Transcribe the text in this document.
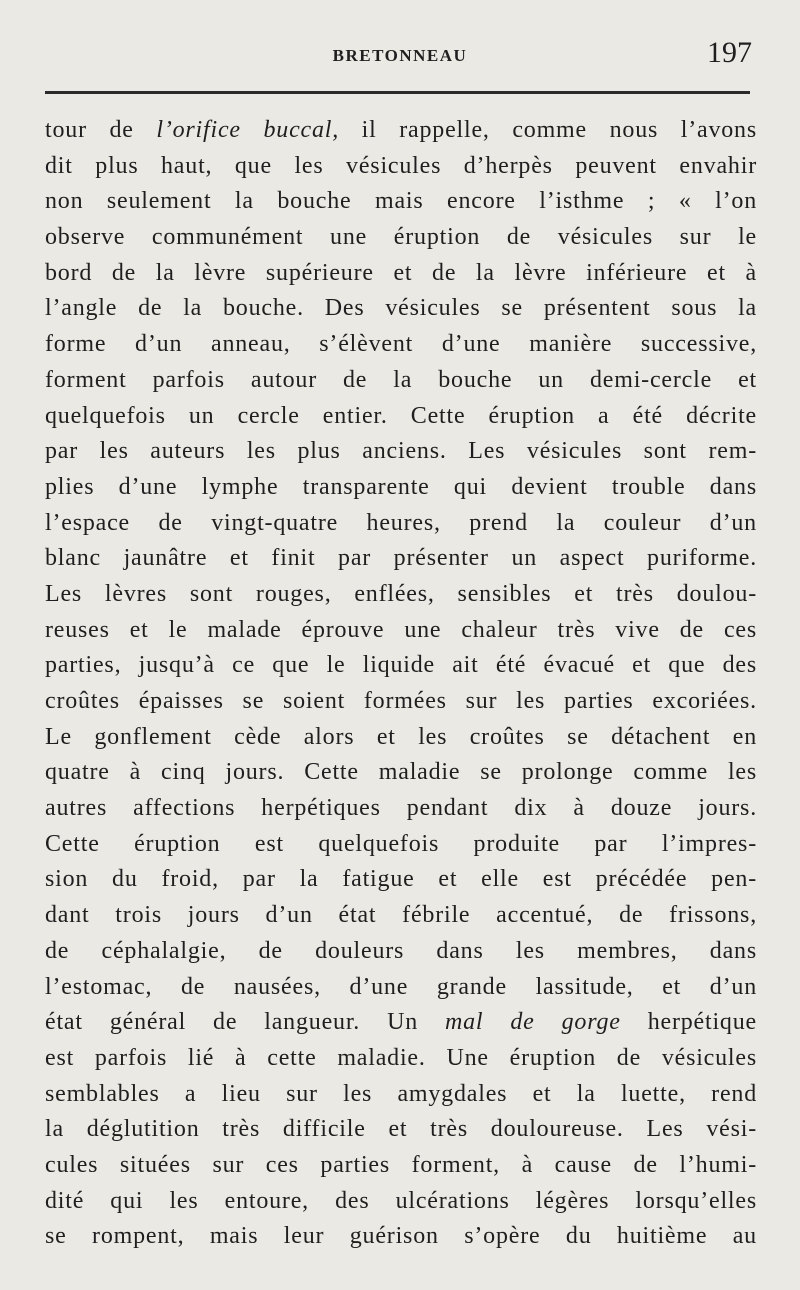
BRETONNEAU	197
tour de l’orifice buccal, il rappelle, comme nous l’avons
dit plus haut, que les vésicules d’herpès peuvent envahir
non seulement la bouche mais encore l’isthme ; « l’on
observe communément une éruption de vésicules sur le
bord de la lèvre supérieure et de la lèvre inférieure et à
l’angle de la bouche. Des vésicules se présentent sous la
forme d’un anneau, s’élèvent d’une manière successive,
forment parfois autour de la bouche un demi-cercle et
quelquefois un cercle entier. Cette éruption a été décrite
par les auteurs les plus anciens. Les vésicules sont rem-
plies d’une lymphe transparente qui devient trouble dans
l’espace de vingt-quatre heures, prend la couleur d’un
blanc jaunâtre et finit par présenter un aspect puriforme.
Les lèvres sont rouges, enflées, sensibles et très doulou-
reuses et le malade éprouve une chaleur très vive de ces
parties, jusqu’à ce que le liquide ait été évacué et que des
croûtes épaisses se soient formées sur les parties excoriées.
Le gonflement cède alors et les croûtes se détachent en
quatre à cinq jours. Cette maladie se prolonge comme les
autres affections herpétiques pendant dix à douze jours.
Cette éruption est quelquefois produite par l’impres-
sion du froid, par la fatigue et elle est précédée pen-
dant trois jours d’un état fébrile accentué, de frissons,
de céphalalgie, de douleurs dans les membres, dans
l’estomac, de nausées, d’une grande lassitude, et d’un
état général de langueur. Un mal de gorge herpétique
est parfois lié à cette maladie. Une éruption de vésicules
semblables a lieu sur les amygdales et la luette, rend
la déglutition très difficile et très douloureuse. Les vési-
cules situées sur ces parties forment, à cause de l’humi-
dité qui les entoure, des ulcérations légères lorsqu’elles
se rompent, mais leur guérison s’opère du huitième au
